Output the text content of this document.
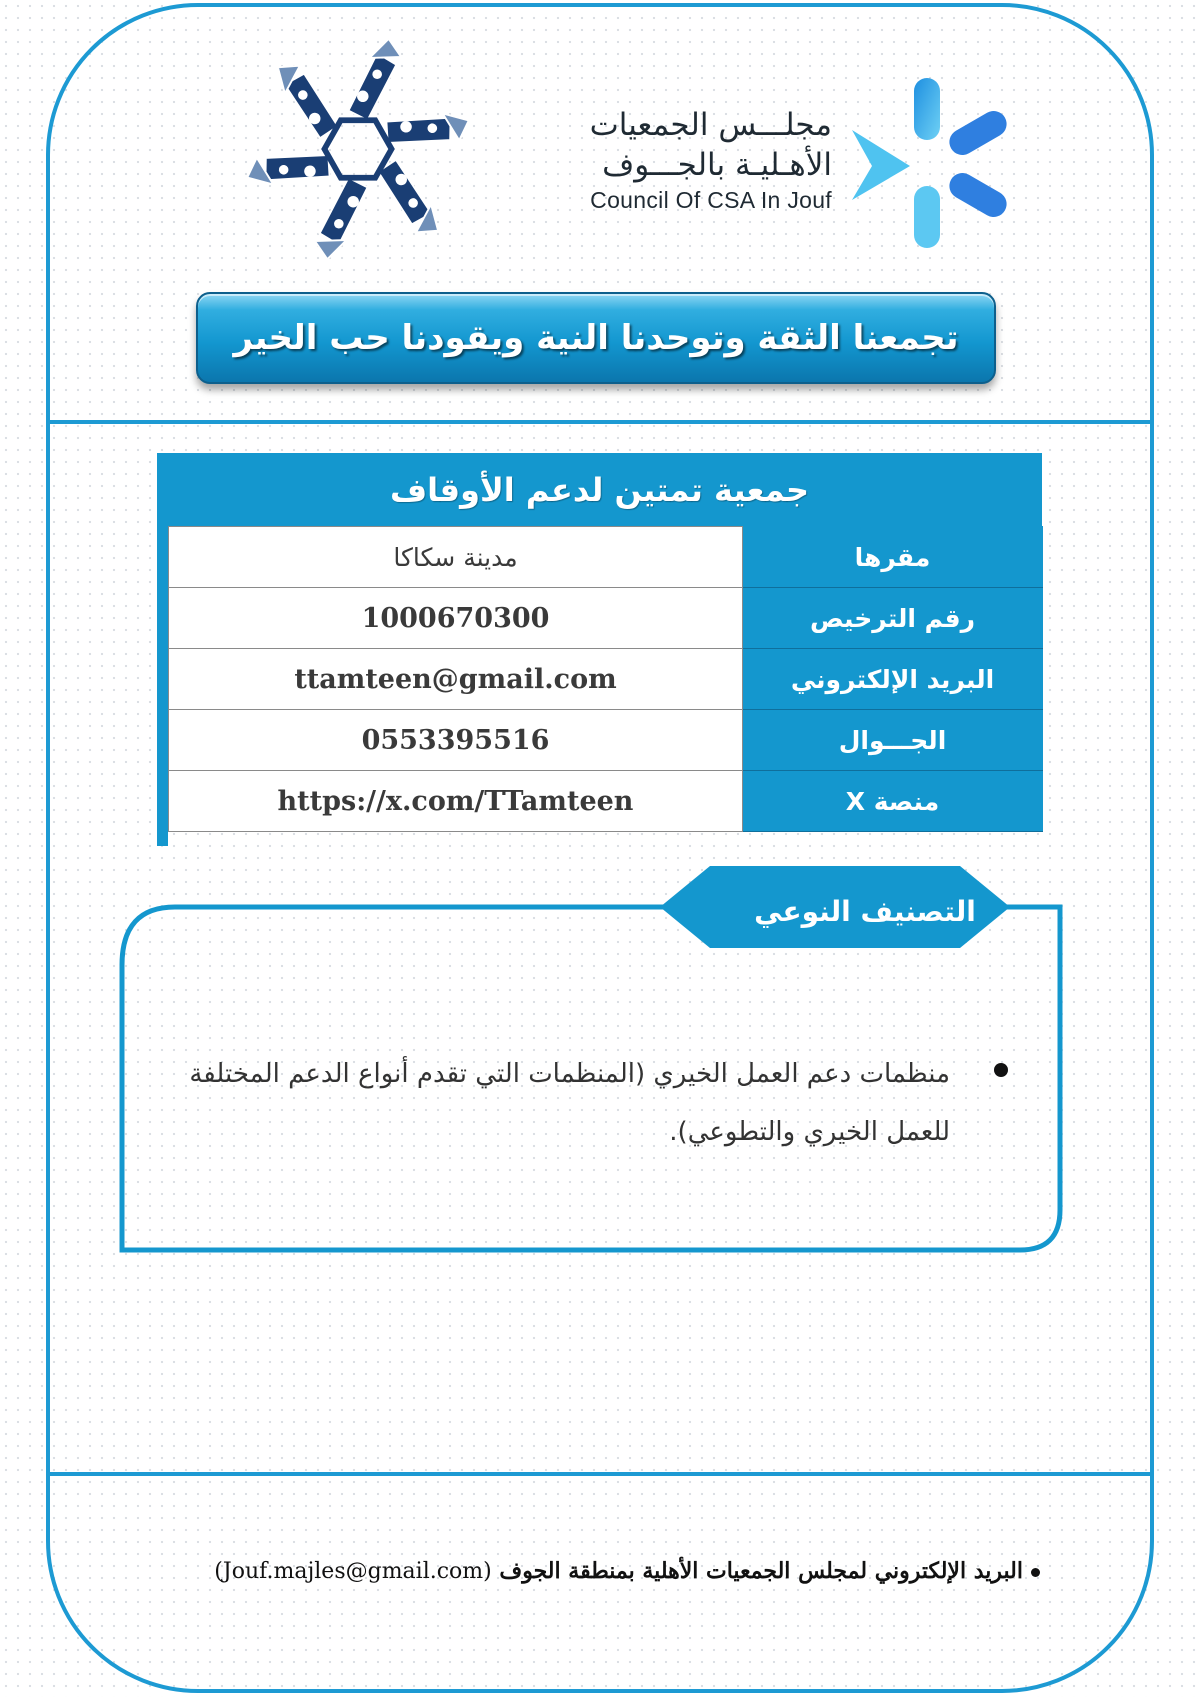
مجلـــس الجمعيات
الأهـليـة بالجـــوف
Council Of CSA In Jouf
تجمعنا الثقة وتوحدنا النية ويقودنا حب الخير
جمعية تمتين لدعم الأوقاف
مدينة سكاكا	مقرها
1000670300	رقم الترخيص
ttamteen@gmail.com	البريد الإلكتروني
0553395516	الجـــوال
https://x.com/TTamteen	منصة X
التصنيف النوعي
منظمات دعم العمل الخيري (المنظمات التي تقدم أنواع الدعم المختلفة للعمل الخيري والتطوعي).
البريد الإلكتروني لمجلس الجمعيات الأهلية بمنطقة الجوف (Jouf.majles@gmail.com)
